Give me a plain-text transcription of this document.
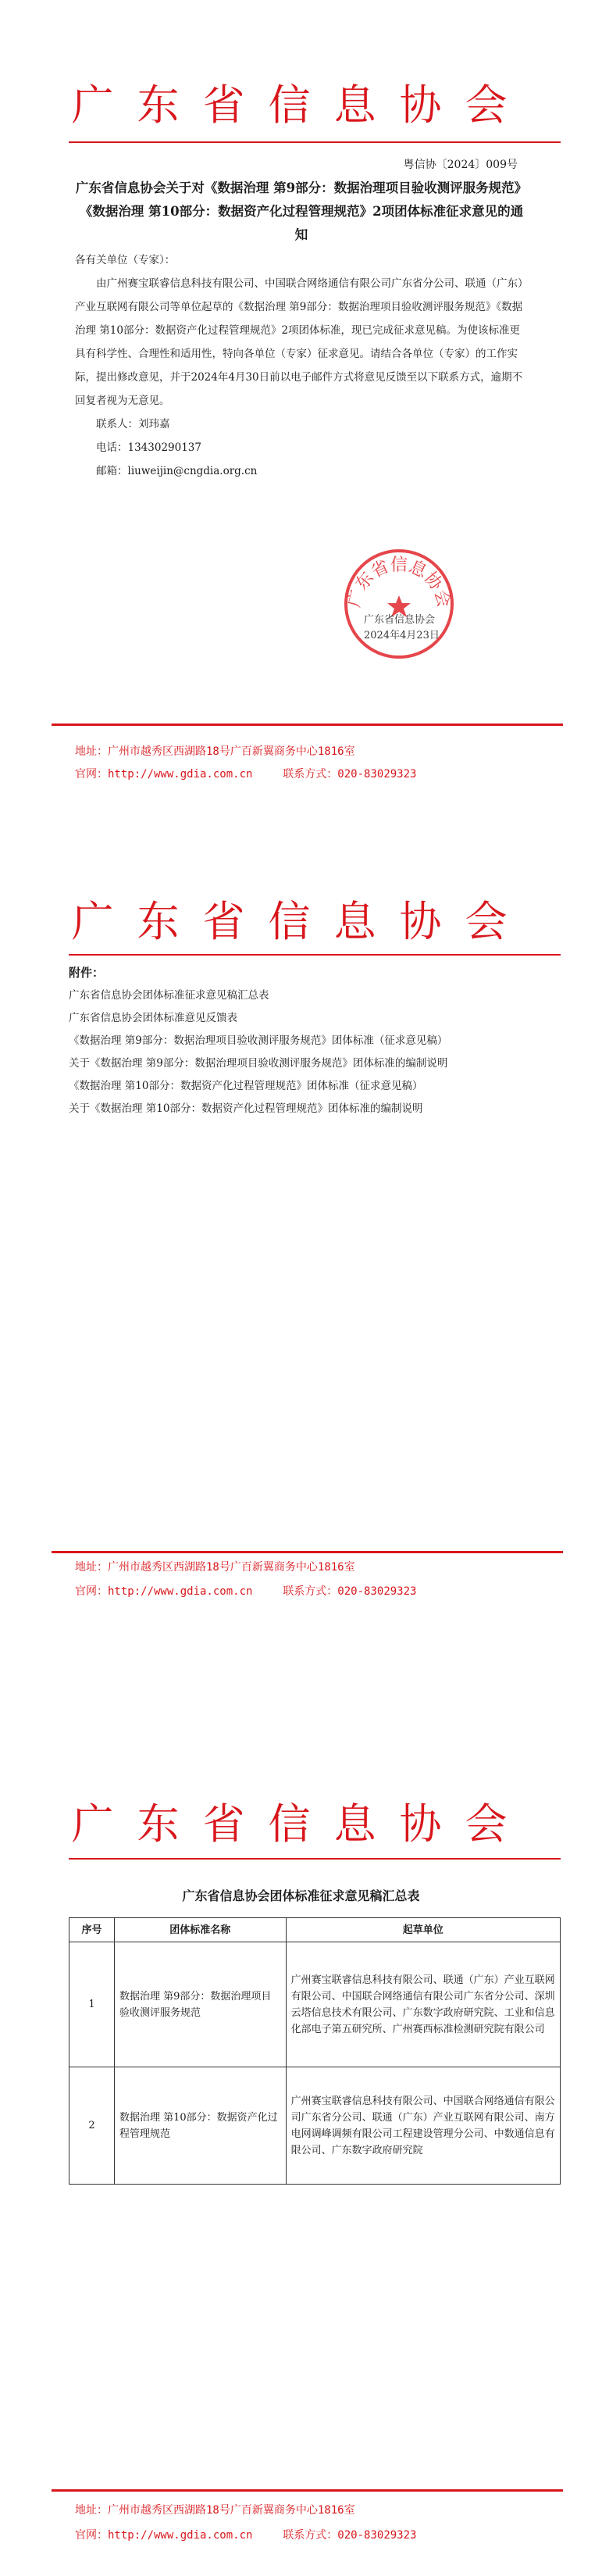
广东省信息协会
粤信协〔2024〕009号
广东省信息协会关于对《数据治理 第9部分：数据治理项目验收测评服务规范》《数据治理 第10部分：数据资产化过程管理规范》2项团体标准征求意见的通知
各有关单位（专家）：
由广州赛宝联睿信息科技有限公司、中国联合网络通信有限公司广东省分公司、联通（广东）产业互联网有限公司等单位起草的《数据治理 第9部分：数据治理项目验收测评服务规范》《数据治理 第10部分：数据资产化过程管理规范》2项团体标准，现已完成征求意见稿。为使该标准更具有科学性、合理性和适用性，特向各单位（专家）征求意见。请结合各单位（专家）的工作实际，提出修改意见，并于2024年4月30日前以电子邮件方式将意见反馈至以下联系方式，逾期不回复者视为无意见。
联系人：刘玮嘉
电话：13430290137
邮箱：liuweijin@cngdia.org.cn
广东省信息协会
广东省信息协会
2024年4月23日
地址：广州市越秀区西湖路18号广百新翼商务中心1816室
官网：http://www.gdia.com.cn	联系方式：020-83029323
广东省信息协会
附件：
广东省信息协会团体标准征求意见稿汇总表
广东省信息协会团体标准意见反馈表
《数据治理 第9部分：数据治理项目验收测评服务规范》团体标准（征求意见稿）
关于《数据治理 第9部分：数据治理项目验收测评服务规范》团体标准的编制说明
《数据治理 第10部分：数据资产化过程管理规范》团体标准（征求意见稿）
关于《数据治理 第10部分：数据资产化过程管理规范》团体标准的编制说明
地址：广州市越秀区西湖路18号广百新翼商务中心1816室
官网：http://www.gdia.com.cn	联系方式：020-83029323
广东省信息协会
广东省信息协会团体标准征求意见稿汇总表
序号	团体标准名称	起草单位
1	数据治理 第9部分：数据治理项目验收测评服务规范	广州赛宝联睿信息科技有限公司、联通（广东）产业互联网有限公司、中国联合网络通信有限公司广东省分公司、深圳云塔信息技术有限公司、广东数字政府研究院、工业和信息化部电子第五研究所、广州赛西标准检测研究院有限公司
2	数据治理 第10部分：数据资产化过程管理规范	广州赛宝联睿信息科技有限公司、中国联合网络通信有限公司广东省分公司、联通（广东）产业互联网有限公司、南方电网调峰调频有限公司工程建设管理分公司、中数通信息有限公司、广东数字政府研究院
地址：广州市越秀区西湖路18号广百新翼商务中心1816室
官网：http://www.gdia.com.cn	联系方式：020-83029323
